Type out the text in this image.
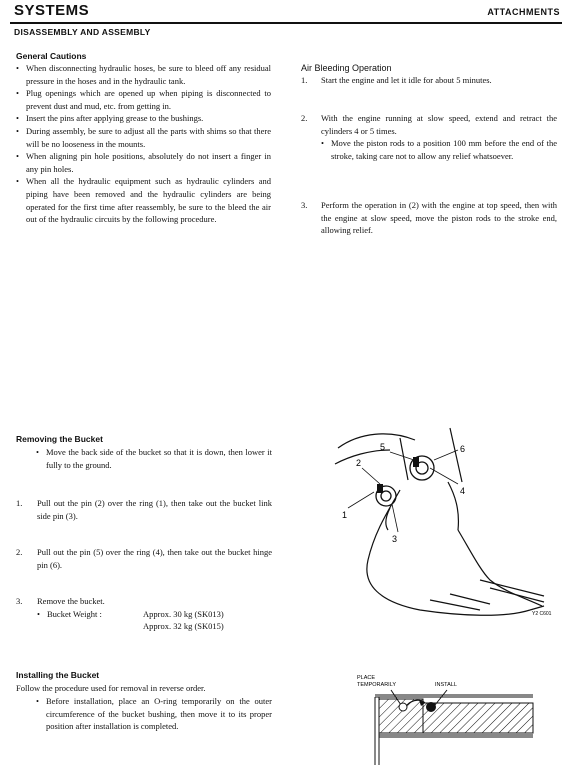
SYSTEMS	ATTACHMENTS
DISASSEMBLY AND ASSEMBLY
General Cautions
• When disconnecting hydraulic hoses, be sure to bleed off any residual pressure in the hoses and in the hydraulic tank.
• Plug openings which are opened up when piping is disconnected to prevent dust and mud, etc. from getting in.
• Insert the pins after applying grease to the bushings.
• During assembly, be sure to adjust all the parts with shims so that there will be no looseness in the mounts.
• When aligning pin hole positions, absolutely do not insert a finger in any pin holes.
• When all the hydraulic equipment such as hydraulic cylinders and piping have been removed and the hydraulic cylinders are being operated for the first time after reassembly, be sure to the bleed the air out of the hydraulic circuits by the following procedure.
Air Bleeding Operation
1. Start the engine and let it idle for about 5 minutes.
2. With the engine running at slow speed, extend and retract the cylinders 4 or 5 times.
• Move the piston rods to a position 100 mm before the end of the stroke, taking care not to allow any relief whatsoever.
3. Perform the operation in (2) with the engine at top speed, then with the engine at slow speed, move the piston rods to the stroke end, allowing relief.
Removing the Bucket
• Move the back side of the bucket so that it is down, then lower it fully to the ground.
1. Pull out the pin (2) over the ring (1), then take out the bucket link side pin (3).
2. Pull out the pin (5) over the ring (4), then take out the bucket hinge pin (6).
3. Remove the bucket.
• Bucket Weight :	Approx. 30 kg (SK013)
Approx. 32 kg (SK015)
Installing the Bucket
Follow the procedure used for removal in reverse order.
• Before installation, place an O-ring temporarily on the outer circumference of the bucket bushing, then move it to its proper position after installation is completed.
1
2
3
4
5	6
Y2 C601
PLACE
TEMPORARILY	INSTALL
